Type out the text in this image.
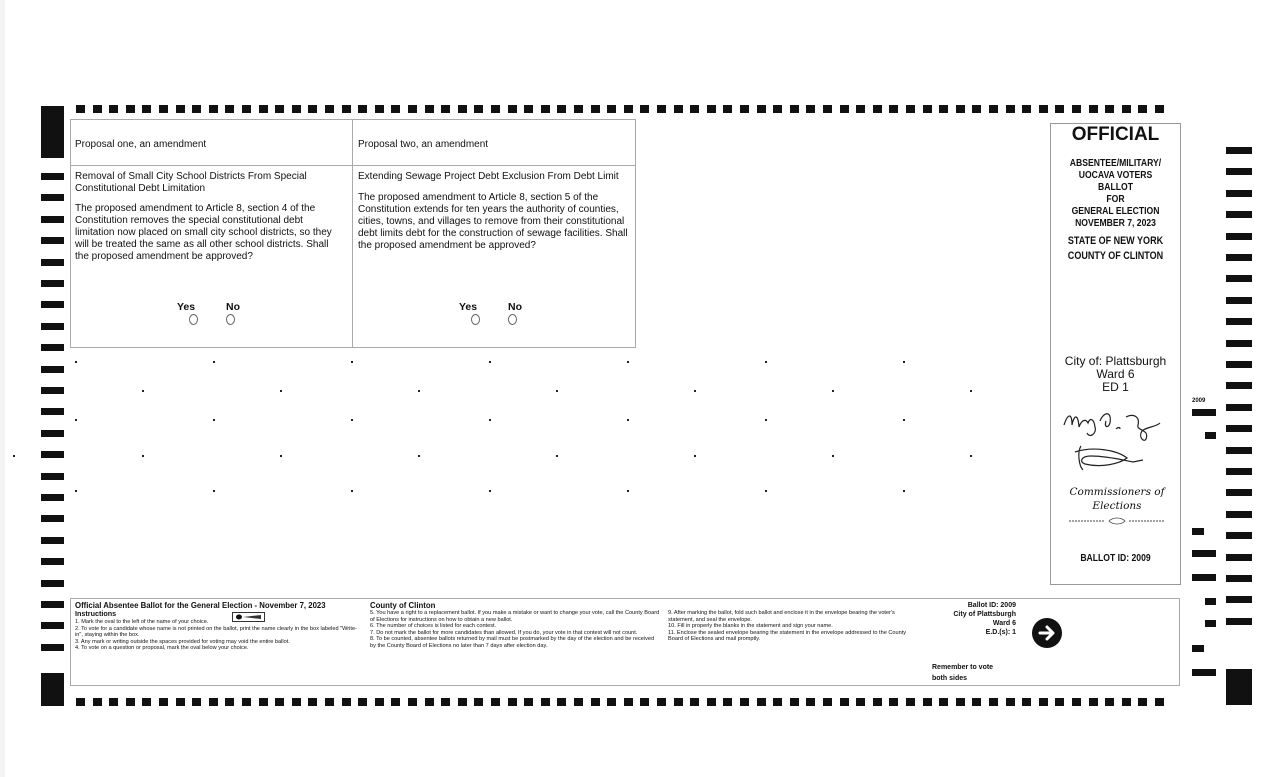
Proposal one, an amendment
Removal of Small City School Districts From Special Constitutional Debt Limitation
The proposed amendment to Article 8, section 4 of the Constitution removes the special constitutional debt limitation now placed on small city school districts, so they will be treated the same as all other school districts. Shall the proposed amendment be approved?
Yes	No
Proposal two, an amendment
Extending Sewage Project Debt Exclusion From Debt Limit
The proposed amendment to Article 8, section 5 of the Constitution extends for ten years the authority of counties, cities, towns, and villages to remove from their constitutional debt limits debt for the construction of sewage facilities. Shall the proposed amendment be approved?
Yes	No
OFFICIAL
ABSENTEE/MILITARY/
UOCAVA VOTERS BALLOT
FOR
GENERAL ELECTION
NOVEMBER 7, 2023
STATE OF NEW YORK
COUNTY OF CLINTON
City of: Plattsburgh
Ward 6
ED 1
Commissioners of Elections
BALLOT ID: 2009
2009
Official Absentee Ballot for the General Election - November 7, 2023
Instructions
1. Mark the oval to the left of the name of your choice.
2. To vote for a candidate whose name is not printed on the ballot, print the name clearly in the box labeled "Write-in", staying within the box.
3. Any mark or writing outside the spaces provided for voting may void the entire ballot.
4. To vote on a question or proposal, mark the oval below your choice.
County of Clinton
5. You have a right to a replacement ballot. If you make a mistake or want to change your vote, call the County Board of Elections for instructions on how to obtain a new ballot.
6. The number of choices is listed for each contest.
7. Do not mark the ballot for more candidates than allowed. If you do, your vote in that contest will not count.
8. To be counted, absentee ballots returned by mail must be postmarked by the day of the election and be received by the County Board of Elections no later than 7 days after election day.
9. After marking the ballot, fold such ballot and enclose it in the envelope bearing the voter's statement, and seal the envelope.
10. Fill in properly the blanks in the statement and sign your name.
11. Enclose the sealed envelope bearing the statement in the envelope addressed to the County Board of Elections and mail promptly.
Ballot ID: 2009
City of Plattsburgh
Ward 6
E.D.(s): 1
Remember to vote
both sides
